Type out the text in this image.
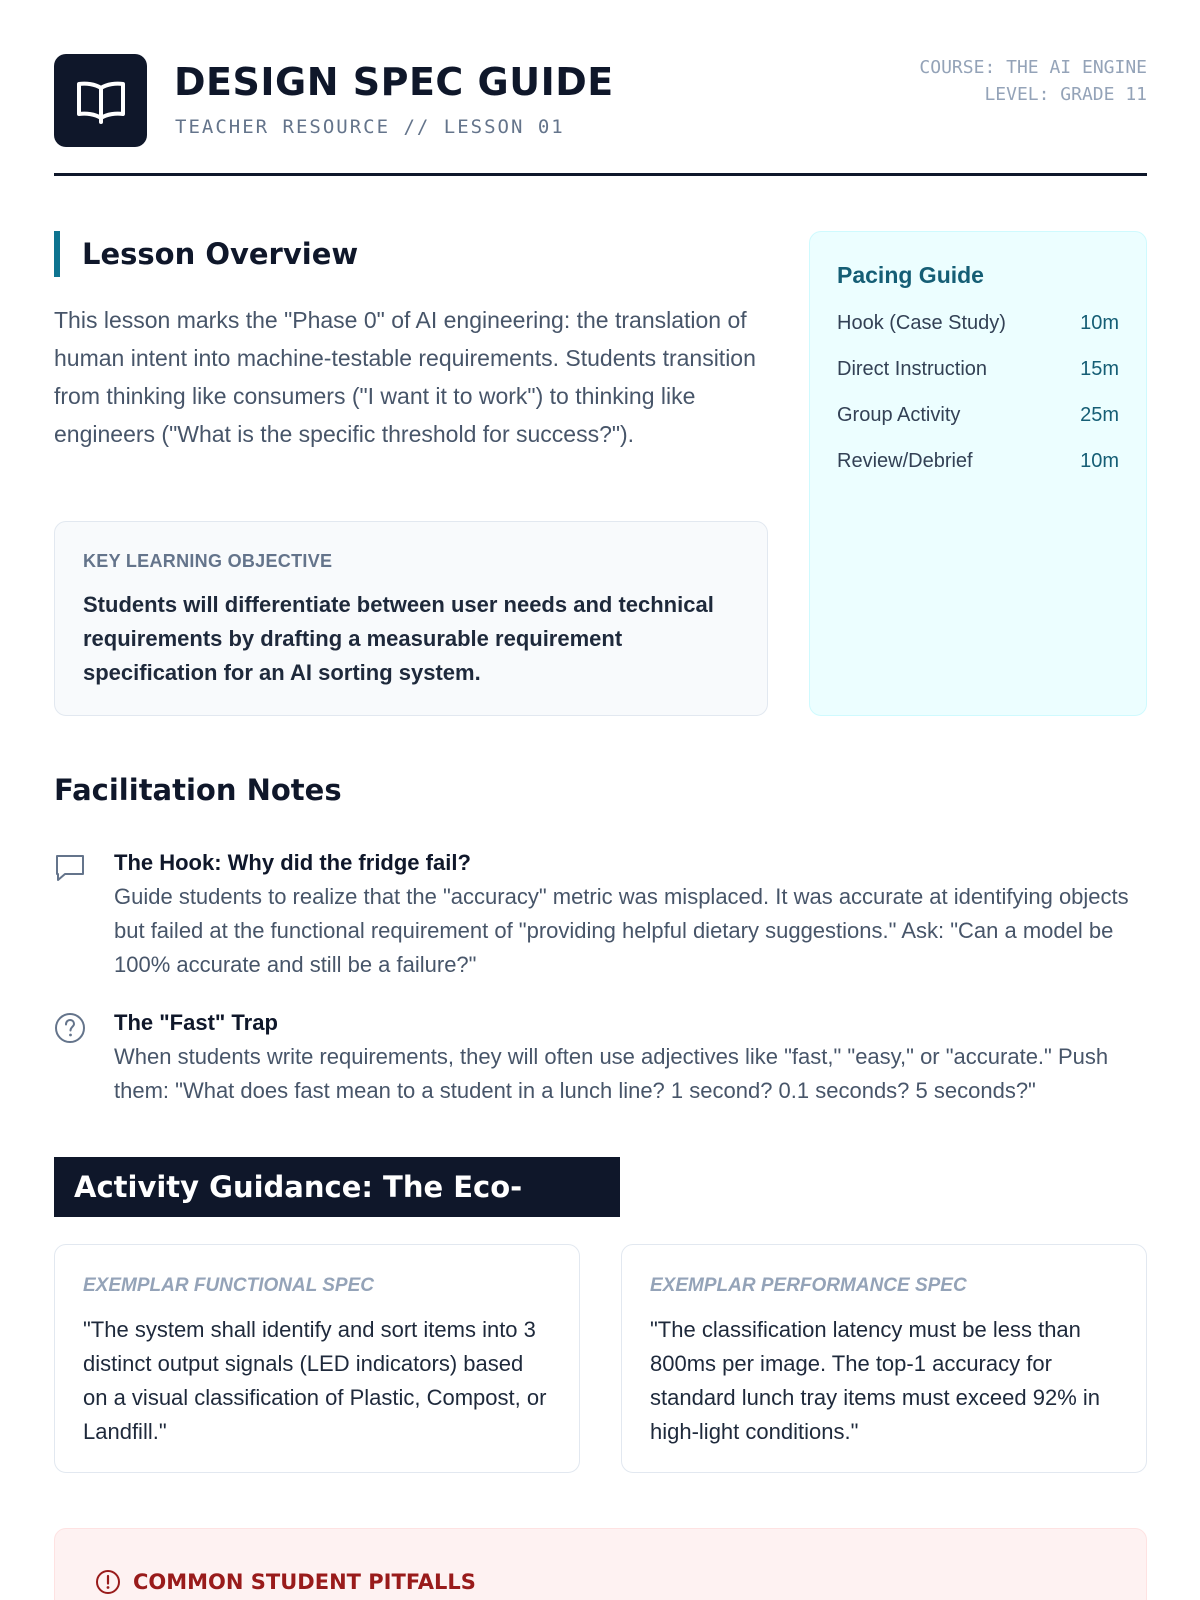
DESIGN SPEC GUIDE
TEACHER RESOURCE // LESSON 01
COURSE: THE AI ENGINE
LEVEL: GRADE 11
Lesson Overview

This lesson marks the "Phase 0" of AI engineering: the translation of human intent into machine-testable requirements. Students transition from thinking like consumers ("I want it to work") to thinking like engineers ("What is the specific threshold for success?").

KEY LEARNING OBJECTIVE
Students will differentiate between user needs and technical requirements by drafting a measurable requirement specification for an AI sorting system.
Pacing Guide
Hook (Case Study)	10m
Direct Instruction	15m
Group Activity	25m
Review/Debrief	10m
Facilitation Notes
The Hook: Why did the fridge fail?
Guide students to realize that the "accuracy" metric was misplaced. It was accurate at identifying objects but failed at the functional requirement of "providing helpful dietary suggestions." Ask: "Can a model be 100% accurate and still be a failure?"
The "Fast" Trap
When students write requirements, they will often use adjectives like "fast," "easy," or "accurate." Push them: "What does fast mean to a student in a lunch line? 1 second? 0.1 seconds? 5 seconds?"
Activity Guidance: The Eco-
EXEMPLAR FUNCTIONAL SPEC
"The system shall identify and sort items into 3 distinct output signals (LED indicators) based on a visual classification of Plastic, Compost, or Landfill."
EXEMPLAR PERFORMANCE SPEC
"The classification latency must be less than 800ms per image. The top-1 accuracy for standard lunch tray items must exceed 92% in high-light conditions."
COMMON STUDENT PITFALLS
